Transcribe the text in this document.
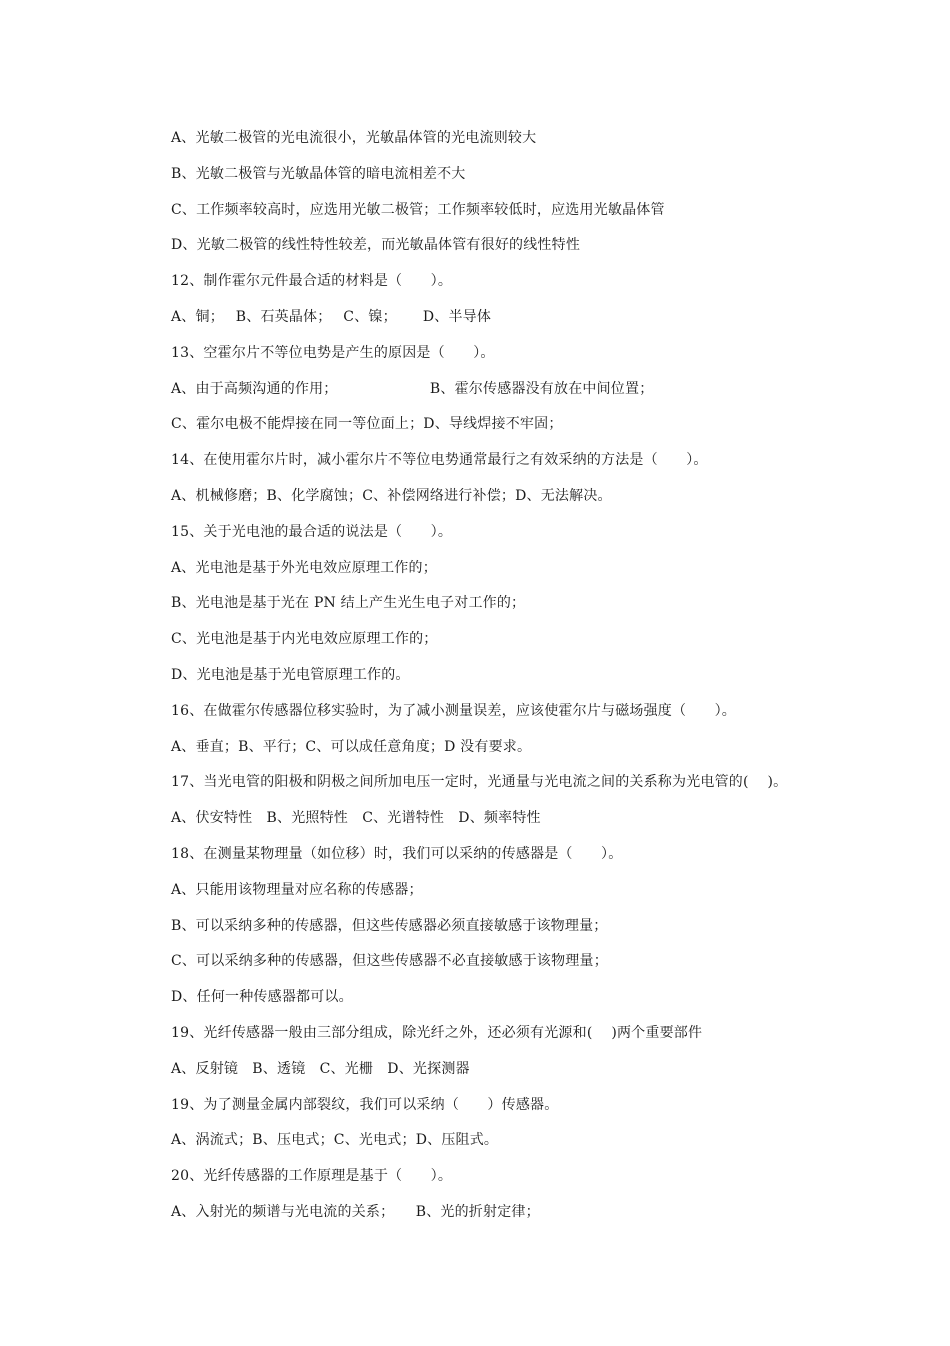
A、光敏二极管的光电流很小，光敏晶体管的光电流则较大
B、光敏二极管与光敏晶体管的暗电流相差不大
C、工作频率较高时，应选用光敏二极管；工作频率较低时，应选用光敏晶体管
D、光敏二极管的线性特性较差，而光敏晶体管有很好的线性特性
12、制作霍尔元件最合适的材料是（　　）。
A、铜；　 B、石英晶体；　 C、镍；　　 D、半导体
13、空霍尔片不等位电势是产生的原因是（　　）。
A、由于高频沟通的作用；　　　　　　　B、霍尔传感器没有放在中间位置；
C、霍尔电极不能焊接在同一等位面上；D、导线焊接不牢固；
14、在使用霍尔片时，减小霍尔片不等位电势通常最行之有效采纳的方法是（　　）。
A、机械修磨；B、化学腐蚀；C、补偿网络进行补偿；D、无法解决。
15、关于光电池的最合适的说法是（　　）。
A、光电池是基于外光电效应原理工作的；
B、光电池是基于光在 PN 结上产生光生电子对工作的；
C、光电池是基于内光电效应原理工作的；
D、光电池是基于光电管原理工作的。
16、在做霍尔传感器位移实验时，为了减小测量误差，应该使霍尔片与磁场强度（　　）。
A、垂直；B、平行；C、可以成任意角度；D 没有要求。
17、当光电管的阳极和阴极之间所加电压一定时，光通量与光电流之间的关系称为光电管的(　 )。
A、伏安特性　B、光照特性　C、光谱特性　D、频率特性
18、在测量某物理量（如位移）时，我们可以采纳的传感器是（　　）。
A、只能用该物理量对应名称的传感器；
B、可以采纳多种的传感器，但这些传感器必须直接敏感于该物理量；
C、可以采纳多种的传感器，但这些传感器不必直接敏感于该物理量；
D、任何一种传感器都可以。
19、光纤传感器一般由三部分组成，除光纤之外，还必须有光源和(　 )两个重要部件
A、反射镜　B、透镜　C、光栅　D、光探测器
19、为了测量金属内部裂纹，我们可以采纳（　　）传感器。
A、涡流式；B、压电式；C、光电式；D、压阻式。
20、光纤传感器的工作原理是基于（　　）。
A、入射光的频谱与光电流的关系；　　B、光的折射定律；
